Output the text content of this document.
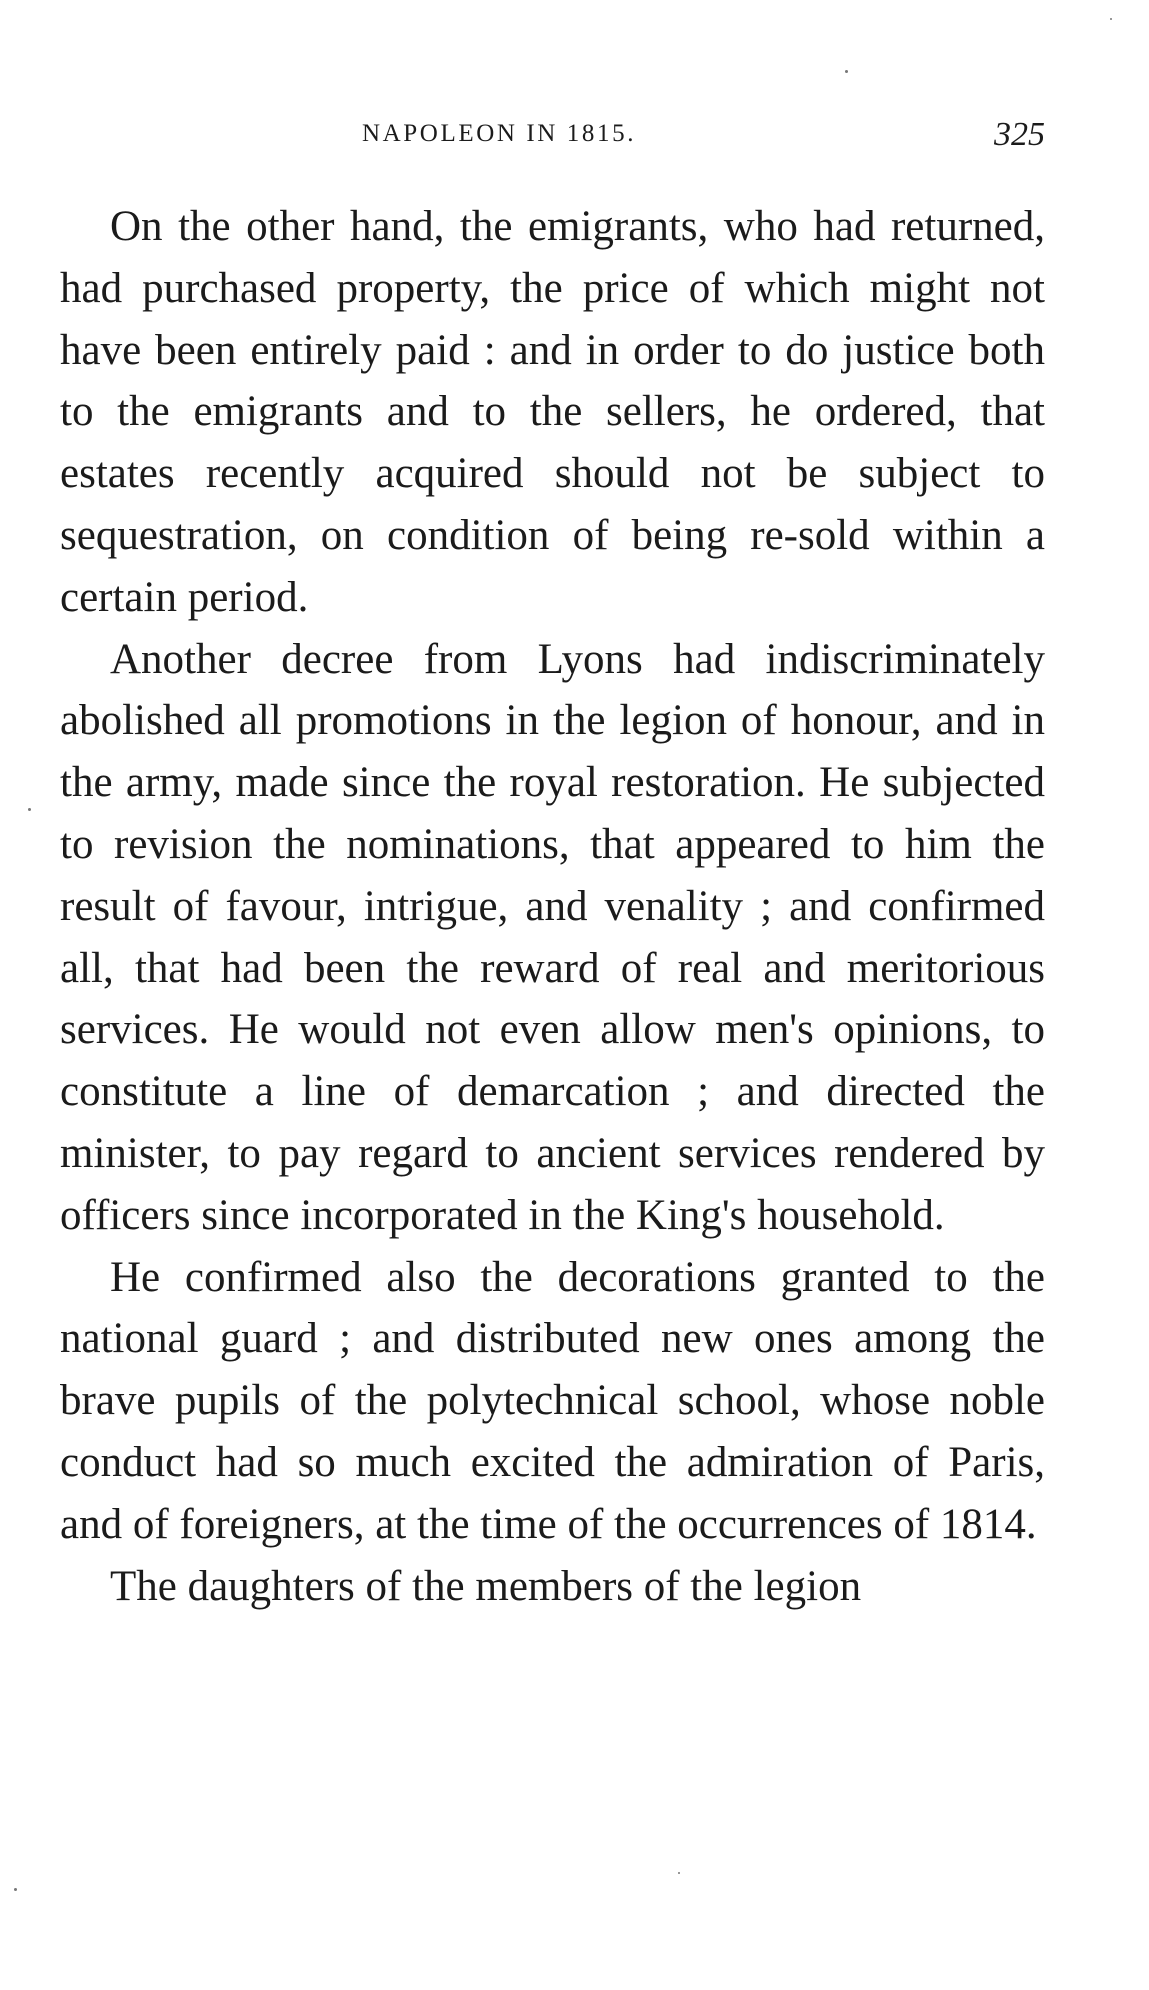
NAPOLEON IN 1815.	325

On the other hand, the emigrants, who had returned, had purchased property, the price of which might not have been entirely paid : and in order to do justice both to the emigrants and to the sellers, he ordered, that estates recently acquired should not be subject to sequestration, on condition of being re-sold within a certain period.

Another decree from Lyons had indiscriminately abolished all promotions in the legion of honour, and in the army, made since the royal restoration. He subjected to revision the nominations, that appeared to him the result of favour, intrigue, and venality ; and confirmed all, that had been the reward of real and meritorious services. He would not even allow men's opinions, to constitute a line of demarcation ; and directed the minister, to pay regard to ancient services rendered by officers since incorporated in the King's household.

He confirmed also the decorations granted to the national guard ; and distributed new ones among the brave pupils of the polytechnical school, whose noble conduct had so much excited the admiration of Paris, and of foreigners, at the time of the occurrences of 1814.

The daughters of the members of the legion
